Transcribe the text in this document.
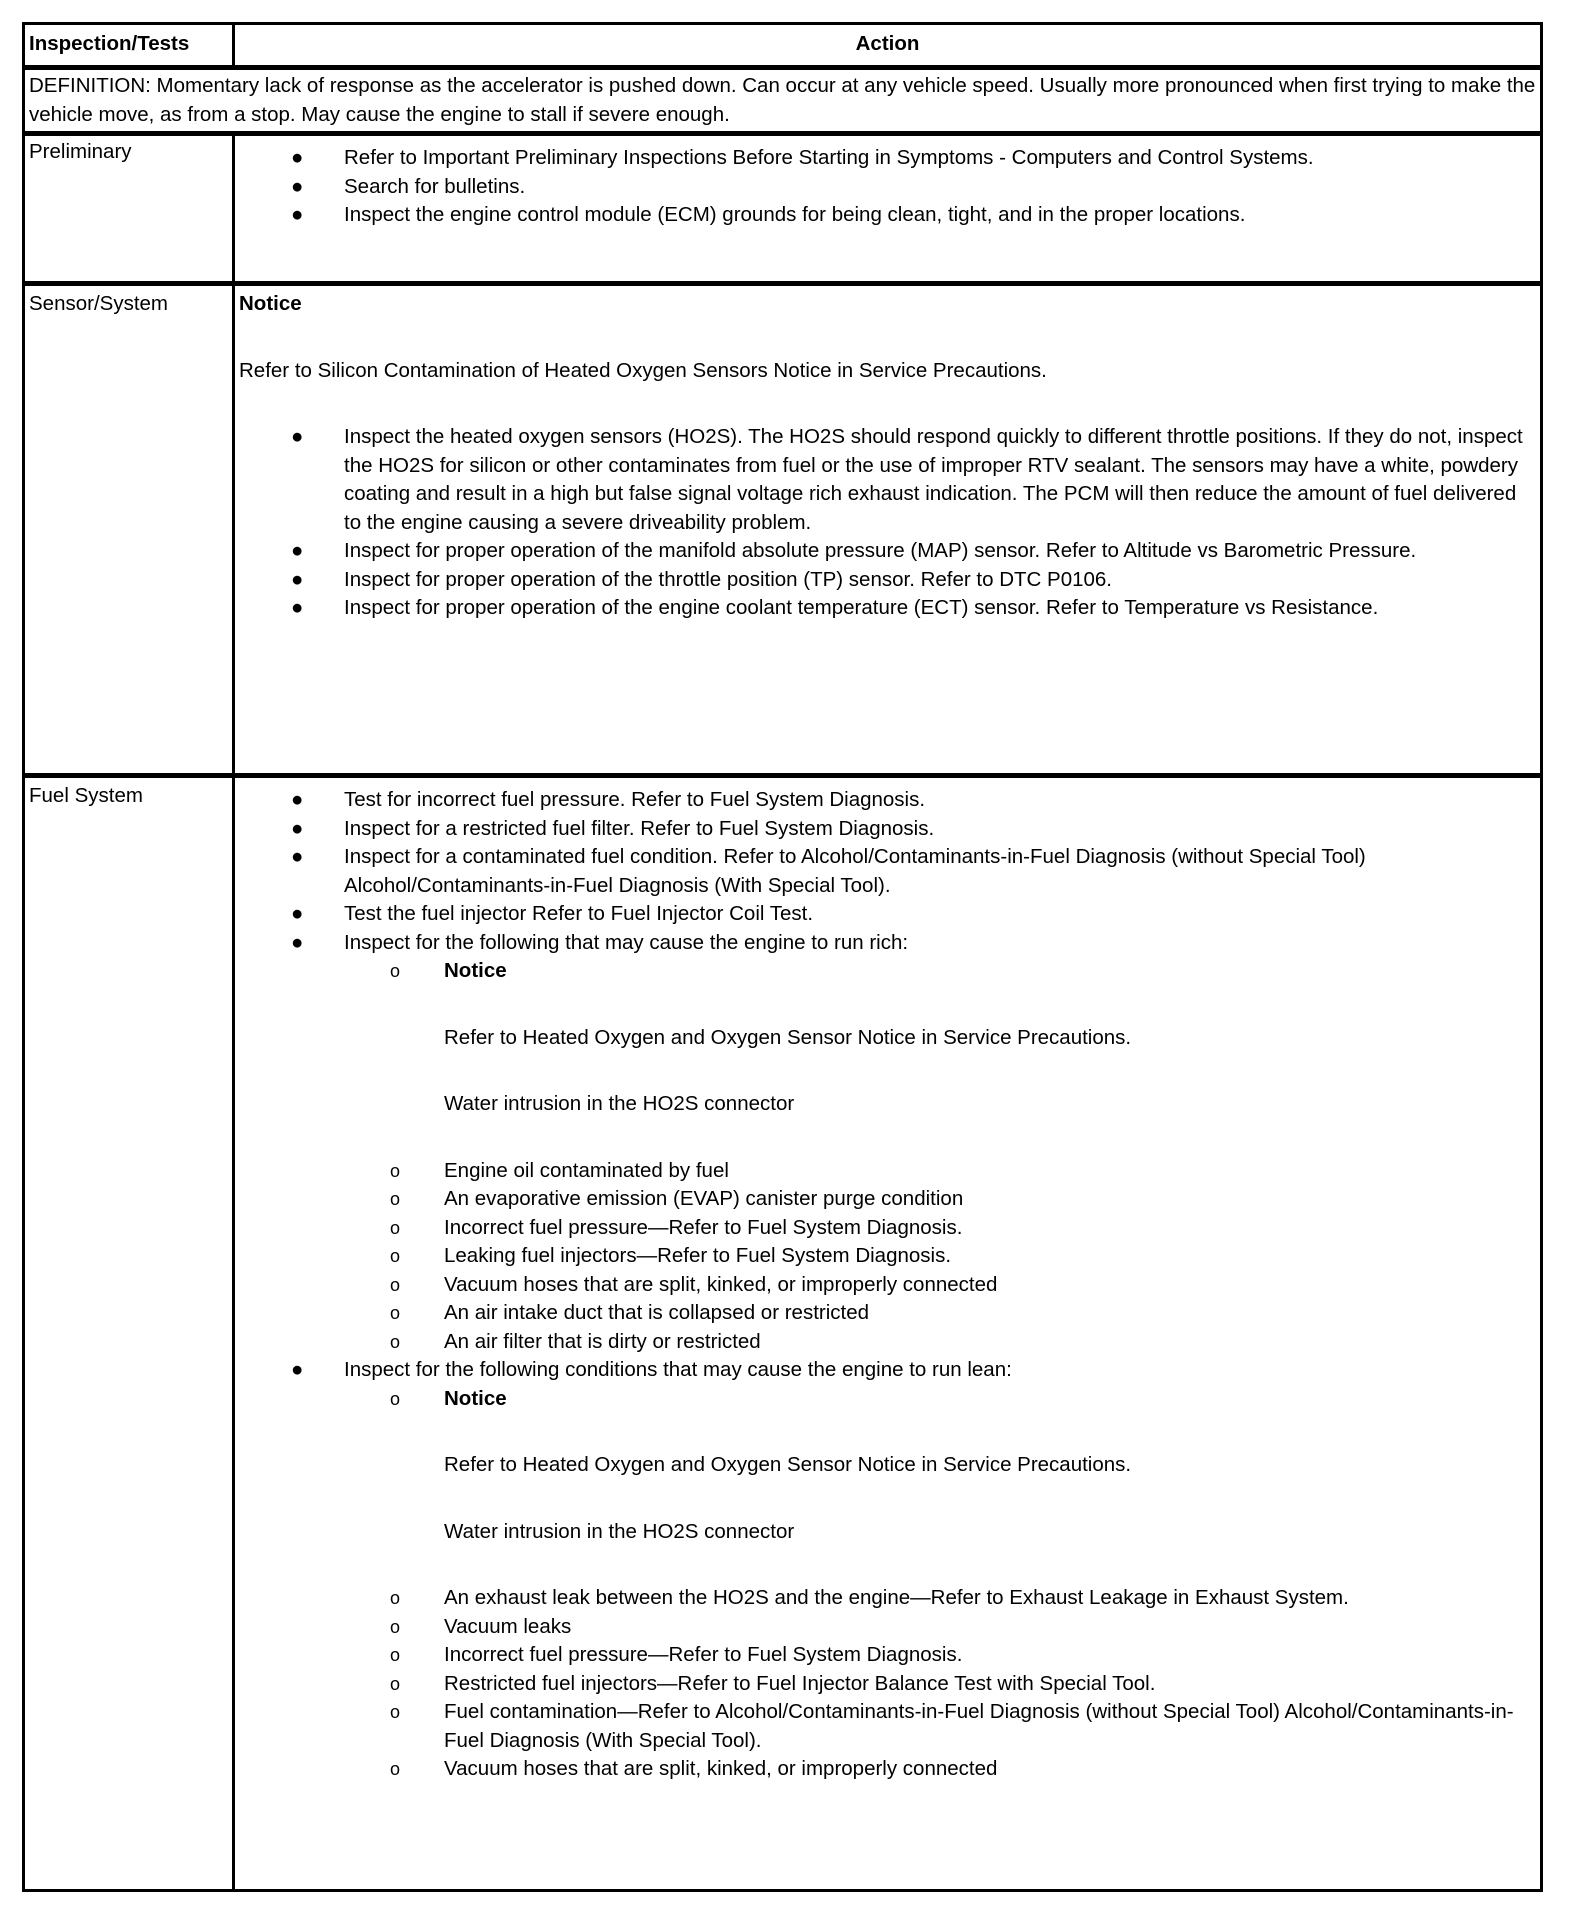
Inspection/Tests	Action
DEFINITION: Momentary lack of response as the accelerator is pushed down. Can occur at any vehicle speed. Usually more pronounced when first trying to make the vehicle move, as from a stop. May cause the engine to stall if severe enough.	
Preliminary	● Refer to Important Preliminary Inspections Before Starting in Symptoms - Computers and Control Systems.
● Search for bulletins.
● Inspect the engine control module (ECM) grounds for being clean, tight, and in the proper locations.

Sensor/System	Notice
Refer to Silicon Contamination of Heated Oxygen Sensors Notice in Service Precautions.
● Inspect the heated oxygen sensors (HO2S). The HO2S should respond quickly to different throttle positions. If they do not, inspect the HO2S for silicon or other contaminates from fuel or the use of improper RTV sealant. The sensors may have a white, powdery coating and result in a high but false signal voltage rich exhaust indication. The PCM will then reduce the amount of fuel delivered to the engine causing a severe driveability problem.
● Inspect for proper operation of the manifold absolute pressure (MAP) sensor. Refer to Altitude vs Barometric Pressure.
● Inspect for proper operation of the throttle position (TP) sensor. Refer to DTC P0106.
● Inspect for proper operation of the engine coolant temperature (ECT) sensor. Refer to Temperature vs Resistance.

Fuel System	● Test for incorrect fuel pressure. Refer to Fuel System Diagnosis.
● Inspect for a restricted fuel filter. Refer to Fuel System Diagnosis.
● Inspect for a contaminated fuel condition. Refer to Alcohol/Contaminants-in-Fuel Diagnosis (without Special Tool) Alcohol/Contaminants-in-Fuel Diagnosis (With Special Tool).
● Test the fuel injector Refer to Fuel Injector Coil Test.
● Inspect for the following that may cause the engine to run rich:
o Notice
Refer to Heated Oxygen and Oxygen Sensor Notice in Service Precautions.
Water intrusion in the HO2S connector
o Engine oil contaminated by fuel
o An evaporative emission (EVAP) canister purge condition
o Incorrect fuel pressure—Refer to Fuel System Diagnosis.
o Leaking fuel injectors—Refer to Fuel System Diagnosis.
o Vacuum hoses that are split, kinked, or improperly connected
o An air intake duct that is collapsed or restricted
o An air filter that is dirty or restricted
● Inspect for the following conditions that may cause the engine to run lean:
o Notice
Refer to Heated Oxygen and Oxygen Sensor Notice in Service Precautions.
Water intrusion in the HO2S connector
o An exhaust leak between the HO2S and the engine—Refer to Exhaust Leakage in Exhaust System.
o Vacuum leaks
o Incorrect fuel pressure—Refer to Fuel System Diagnosis.
o Restricted fuel injectors—Refer to Fuel Injector Balance Test with Special Tool.
o Fuel contamination—Refer to Alcohol/Contaminants-in-Fuel Diagnosis (without Special Tool) Alcohol/Contaminants-in-Fuel Diagnosis (With Special Tool).
o Vacuum hoses that are split, kinked, or improperly connected
